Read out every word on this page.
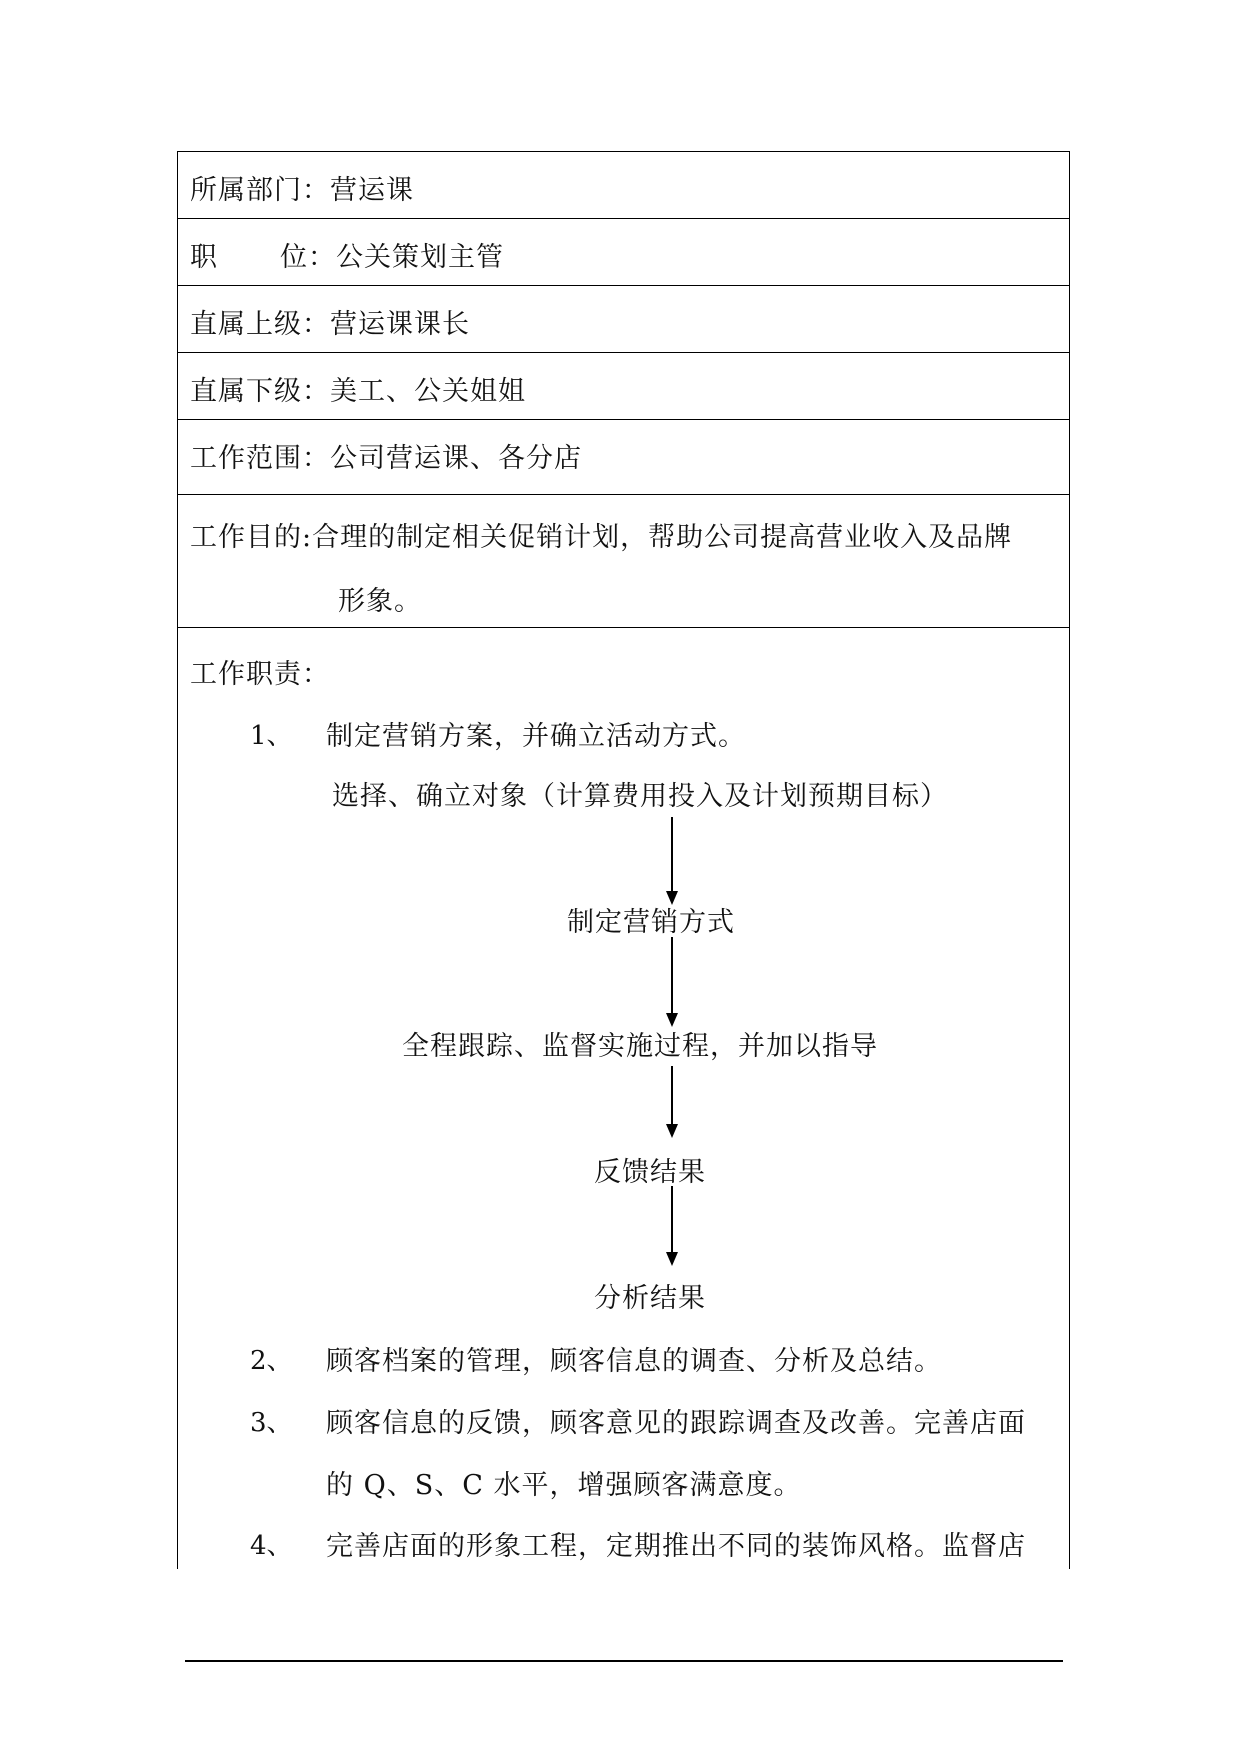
所属部门：营运课
职 位：公关策划主管
直属上级：营运课课长
直属下级：美工、公关姐姐
工作范围：公司营运课、各分店
工作目的:合理的制定相关促销计划，帮助公司提高营业收入及品牌
形象。
工作职责：
1、 制定营销方案，并确立活动方式。
选择、确立对象（计算费用投入及计划预期目标）
制定营销方式
全程跟踪、监督实施过程，并加以指导
反馈结果
分析结果
2、 顾客档案的管理，顾客信息的调查、分析及总结。
3、 顾客信息的反馈，顾客意见的跟踪调查及改善。完善店面
的 Q、S、C 水平，增强顾客满意度。
4、 完善店面的形象工程，定期推出不同的装饰风格。监督店
